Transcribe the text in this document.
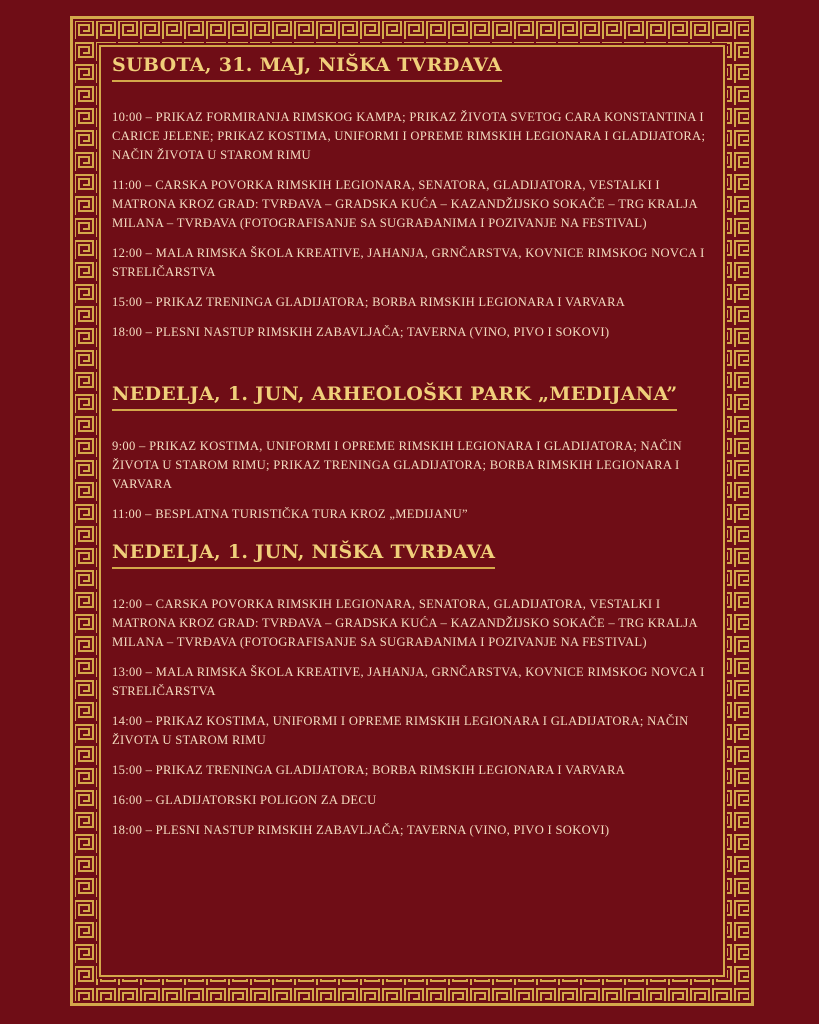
SUBOTA, 31. MAJ, NIŠKA TVRĐAVA

10:00 – PRIKAZ FORMIRANJA RIMSKOG KAMPA; PRIKAZ ŽIVOTA SVETOG CARA KONSTANTINA I CARICE JELENE; PRIKAZ KOSTIMA, UNIFORMI I OPREME RIMSKIH LEGIONARA I GLADIJATORA; NAČIN ŽIVOTA U STAROM RIMU

11:00 – CARSKA POVORKA RIMSKIH LEGIONARA, SENATORA, GLADIJATORA, VESTALKI I MATRONA KROZ GRAD: TVRĐAVA – GRADSKA KUĆA – KAZANDŽIJSKO SOKAČE – TRG KRALJA MILANA – TVRĐAVA (FOTOGRAFISANJE SA SUGRAĐANIMA I POZIVANJE NA FESTIVAL)

12:00 – MALA RIMSKA ŠKOLA KREATIVE, JAHANJA, GRNČARSTVA, KOVNICE RIMSKOG NOVCA I STRELIČARSTVA

15:00 – PRIKAZ TRENINGA GLADIJATORA; BORBA RIMSKIH LEGIONARA I VARVARA

18:00 – PLESNI NASTUP RIMSKIH ZABAVLJAČA; TAVERNA (VINO, PIVO I SOKOVI)

NEDELJA, 1. JUN, ARHEOLOŠKI PARK „MEDIJANA”

9:00 – PRIKAZ KOSTIMA, UNIFORMI I OPREME RIMSKIH LEGIONARA I GLADIJATORA; NAČIN ŽIVOTA U STAROM RIMU; PRIKAZ TRENINGA GLADIJATORA; BORBA RIMSKIH LEGIONARA I VARVARA

11:00 – BESPLATNA TURISTIČKA TURA KROZ „MEDIJANU”

NEDELJA, 1. JUN, NIŠKA TVRĐAVA

12:00 – CARSKA POVORKA RIMSKIH LEGIONARA, SENATORA, GLADIJATORA, VESTALKI I MATRONA KROZ GRAD: TVRĐAVA – GRADSKA KUĆA – KAZANDŽIJSKO SOKAČE – TRG KRALJA MILANA – TVRĐAVA (FOTOGRAFISANJE SA SUGRAĐANIMA I POZIVANJE NA FESTIVAL)

13:00 – MALA RIMSKA ŠKOLA KREATIVE, JAHANJA, GRNČARSTVA, KOVNICE RIMSKOG NOVCA I STRELIČARSTVA

14:00 – PRIKAZ KOSTIMA, UNIFORMI I OPREME RIMSKIH LEGIONARA I GLADIJATORA; NAČIN ŽIVOTA U STAROM RIMU

15:00 – PRIKAZ TRENINGA GLADIJATORA; BORBA RIMSKIH LEGIONARA I VARVARA

16:00 – GLADIJATORSKI POLIGON ZA DECU

18:00 – PLESNI NASTUP RIMSKIH ZABAVLJAČA; TAVERNA (VINO, PIVO I SOKOVI)
